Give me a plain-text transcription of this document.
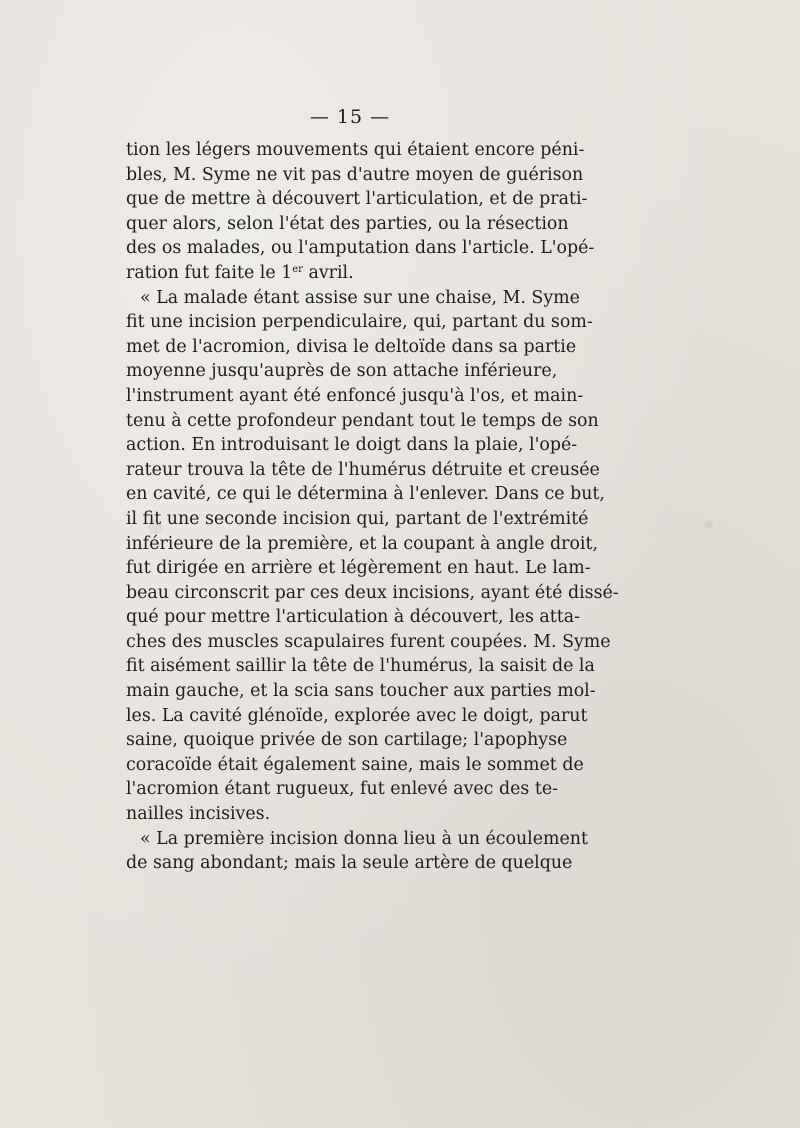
— 15 —
tion les légers mouvements qui étaient encore péni-
bles, M. Syme ne vit pas d'autre moyen de guérison
que de mettre à découvert l'articulation, et de prati-
quer alors, selon l'état des parties, ou la résection
des os malades, ou l'amputation dans l'article. L'opé-
ration fut faite le 1er avril.
« La malade étant assise sur une chaise, M. Syme
fit une incision perpendiculaire, qui, partant du som-
met de l'acromion, divisa le deltoïde dans sa partie
moyenne jusqu'auprès de son attache inférieure,
l'instrument ayant été enfoncé jusqu'à l'os, et main-
tenu à cette profondeur pendant tout le temps de son
action. En introduisant le doigt dans la plaie, l'opé-
rateur trouva la tête de l'humérus détruite et creusée
en cavité, ce qui le détermina à l'enlever. Dans ce but,
il fit une seconde incision qui, partant de l'extrémité
inférieure de la première, et la coupant à angle droit,
fut dirigée en arrière et légèrement en haut. Le lam-
beau circonscrit par ces deux incisions, ayant été dissé-
qué pour mettre l'articulation à découvert, les atta-
ches des muscles scapulaires furent coupées. M. Syme
fit aisément saillir la tête de l'humérus, la saisit de la
main gauche, et la scia sans toucher aux parties mol-
les. La cavité glénoïde, explorée avec le doigt, parut
saine, quoique privée de son cartilage; l'apophyse
coracoïde était également saine, mais le sommet de
l'acromion étant rugueux, fut enlevé avec des te-
nailles incisives.
« La première incision donna lieu à un écoulement
de sang abondant; mais la seule artère de quelque
